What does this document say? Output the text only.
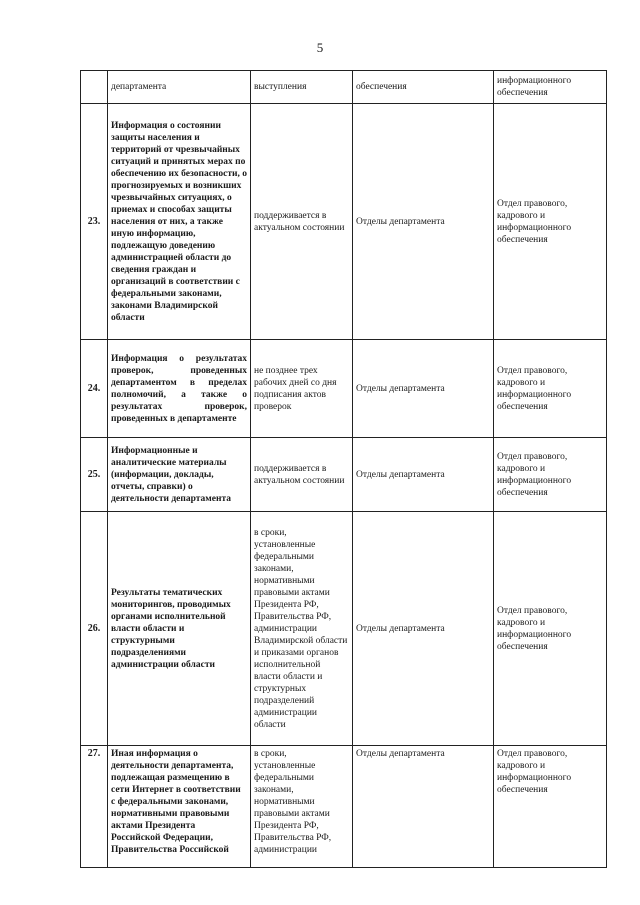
5
	департамента	выступления	обеспечения	информационного обеспечения
23.	Информация о состоянии защиты населения и территорий от чрезвычайных ситуаций и принятых мерах по обеспечению их безопасности, о прогнозируемых и возникших чрезвычайных ситуациях, о приемах и способах защиты населения от них, а также иную информацию, подлежащую доведению администрацией области до сведения граждан и организаций в соответствии с федеральными законами, законами Владимирской области	поддерживается в актуальном состоянии	Отделы департамента	Отдел правового, кадрового и информационного обеспечения
24.	Информация о результатах проверок, проведенных департаментом в пределах полномочий, а также о результатах проверок, проведенных в департаменте	не позднее трех рабочих дней со дня подписания актов проверок	Отделы департамента	Отдел правового, кадрового и информационного обеспечения
25.	Информационные и аналитические материалы (информации, доклады, отчеты, справки) о деятельности департамента	поддерживается в актуальном состоянии	Отделы департамента	Отдел правового, кадрового и информационного обеспечения
26.	Результаты тематических мониторингов, проводимых органами исполнительной власти области и структурными подразделениями администрации области	в сроки, установленные федеральными законами, нормативными правовыми актами Президента РФ, Правительства РФ, администрации Владимирской области и приказами органов исполнительной власти области и структурных подразделений администрации области	Отделы департамента	Отдел правового, кадрового и информационного обеспечения
27.	Иная информация о деятельности департамента, подлежащая размещению в сети Интернет в соответствии с федеральными законами, нормативными правовыми актами Президента Российской Федерации, Правительства Российской	в сроки, установленные федеральными законами, нормативными правовыми актами Президента РФ, Правительства РФ, администрации	Отделы департамента	Отдел правового, кадрового и информационного обеспечения
